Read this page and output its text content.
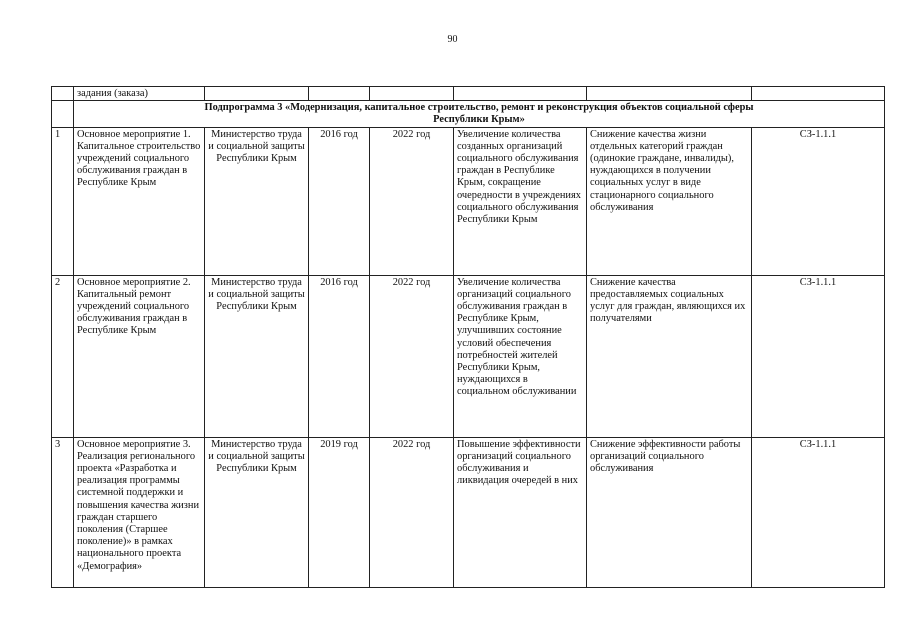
90
	задания (заказа)						
	Подпрограмма 3 «Модернизация, капитальное строительство, ремонт и реконструкция объектов социальной сферы
Республики Крым»						
1	Основное мероприятие 1. Капитальное строительство учреждений социального обслуживания граждан в Республике Крым	Министерство труда и социальной защиты Республики Крым	2016 год	2022 год	Увеличение количества созданных организаций социального обслуживания граждан в Республике Крым, сокращение очередности в учреждениях социального обслуживания Республики Крым	Снижение качества жизни отдельных категорий граждан (одинокие граждане, инвалиды), нуждающихся в получении социальных услуг в виде стационарного социального обслуживания	СЗ-1.1.1
2	Основное мероприятие 2. Капитальный ремонт учреждений социального обслуживания граждан в Республике Крым	Министерство труда и социальной защиты Республики Крым	2016 год	2022 год	Увеличение количества организаций социального обслуживания граждан в Республике Крым, улучшивших состояние условий обеспечения потребностей жителей Республики Крым, нуждающихся в социальном обслуживании	Снижение качества предоставляемых социальных услуг для граждан, являющихся их получателями	СЗ-1.1.1
3	Основное мероприятие 3. Реализация регионального проекта «Разработка и реализация программы системной поддержки и повышения качества жизни граждан старшего поколения (Старшее поколение)» в рамках национального проекта «Демография»	Министерство труда и социальной защиты Республики Крым	2019 год	2022 год	Повышение эффективности организаций социального обслуживания и ликвидация очередей в них	Снижение эффективности работы организаций социального обслуживания	СЗ-1.1.1
